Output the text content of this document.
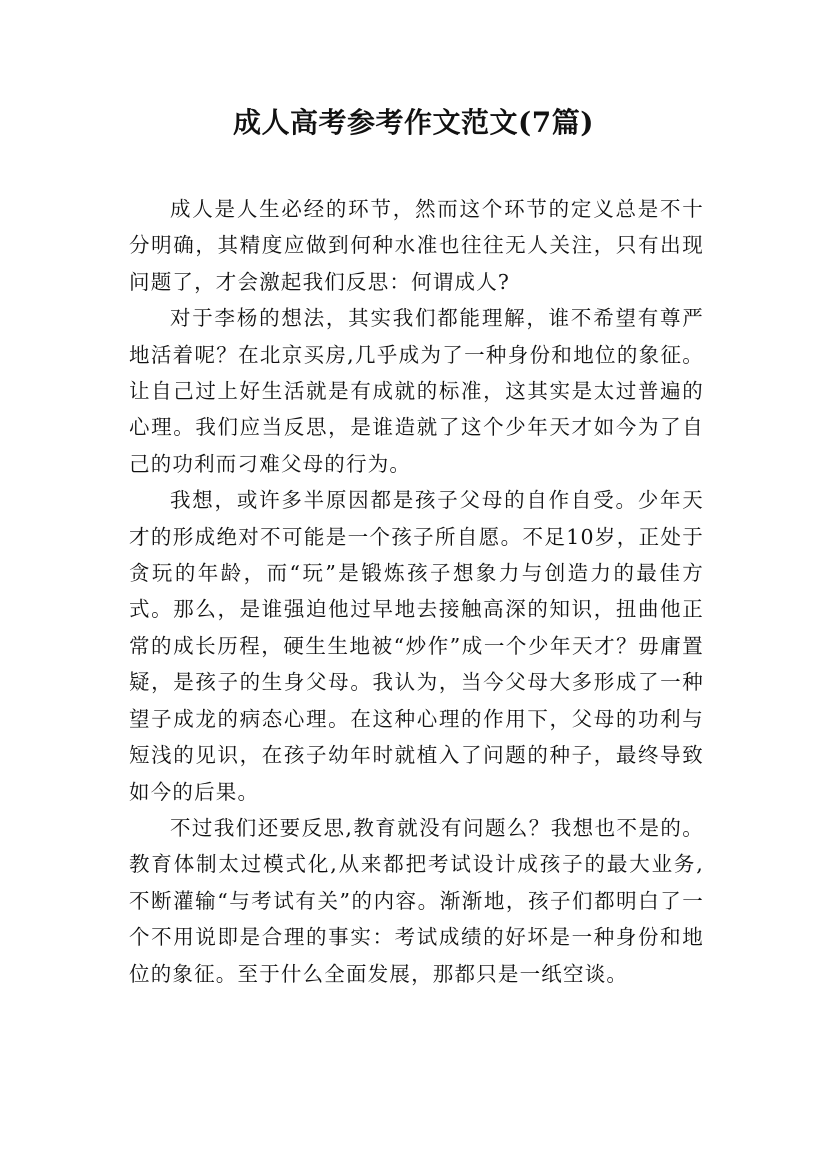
成人高考参考作文范文(7篇)

成人是人生必经的环节，然而这个环节的定义总是不十分明确，其精度应做到何种水准也往往无人关注，只有出现问题了，才会激起我们反思：何谓成人?

对于李杨的想法，其实我们都能理解，谁不希望有尊严地活着呢？在北京买房,几乎成为了一种身份和地位的象征。让自己过上好生活就是有成就的标准，这其实是太过普遍的心理。我们应当反思，是谁造就了这个少年天才如今为了自己的功利而刁难父母的行为。

我想，或许多半原因都是孩子父母的自作自受。少年天才的形成绝对不可能是一个孩子所自愿。不足10岁，正处于贪玩的年龄，而“玩”是锻炼孩子想象力与创造力的最佳方式。那么，是谁强迫他过早地去接触高深的知识，扭曲他正常的成长历程，硬生生地被“炒作”成一个少年天才？毋庸置疑，是孩子的生身父母。我认为，当今父母大多形成了一种望子成龙的病态心理。在这种心理的作用下，父母的功利与短浅的见识，在孩子幼年时就植入了问题的种子，最终导致如今的后果。

不过我们还要反思,教育就没有问题么？我想也不是的。教育体制太过模式化,从来都把考试设计成孩子的最大业务,不断灌输“与考试有关”的内容。渐渐地，孩子们都明白了一个不用说即是合理的事实：考试成绩的好坏是一种身份和地位的象征。至于什么全面发展，那都只是一纸空谈。
